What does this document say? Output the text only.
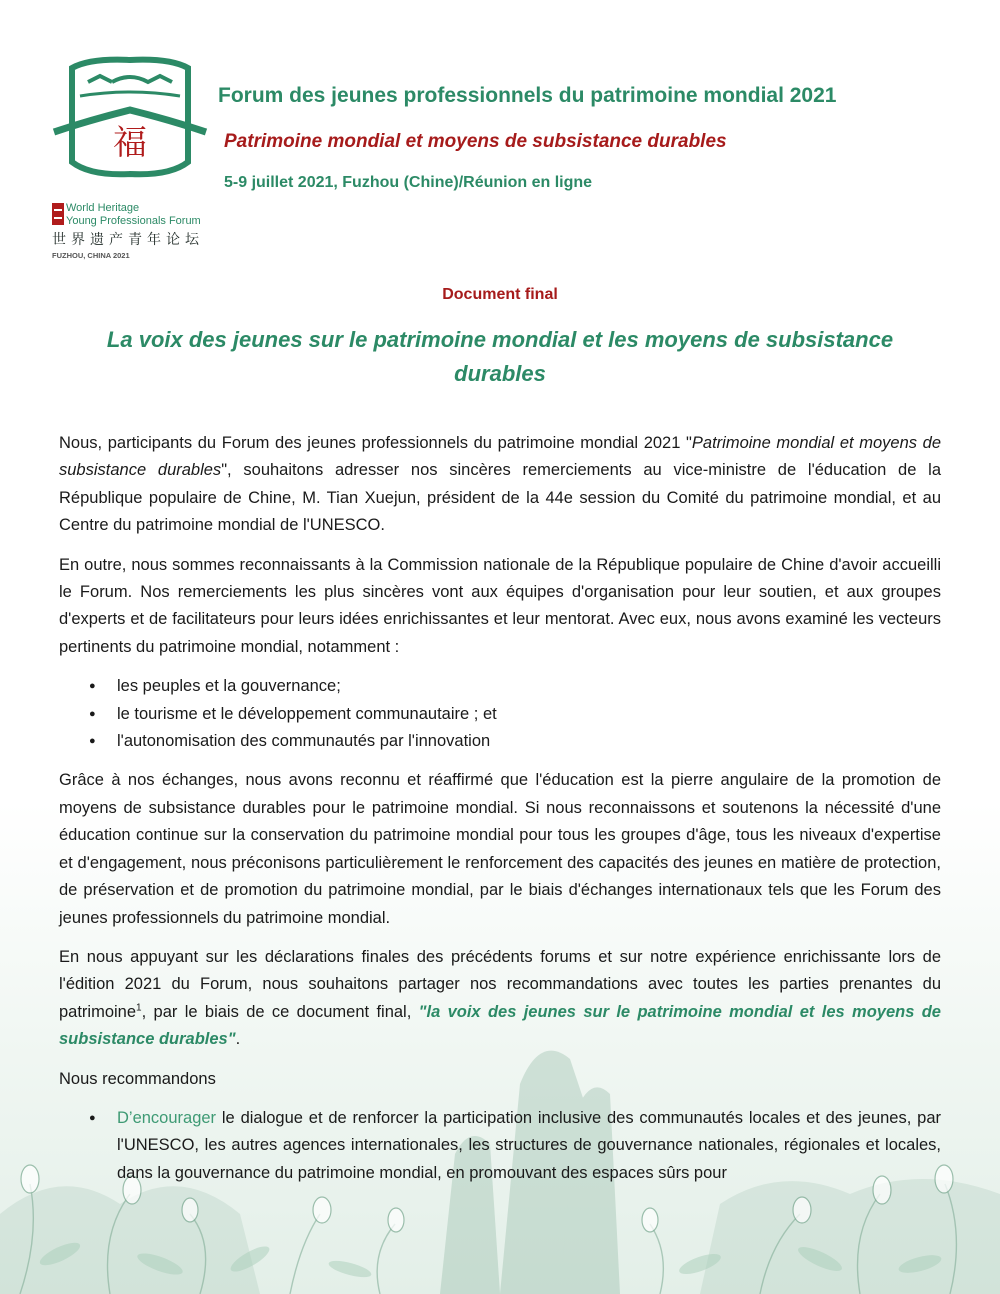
福
World Heritage
Young Professionals Forum
世界遗产青年论坛
FUZHOU, CHINA 2021
Forum des jeunes professionnels du patrimoine mondial 2021
Patrimoine mondial et moyens de subsistance durables
5-9 juillet 2021, Fuzhou (Chine)/Réunion en ligne
Document final
La voix des jeunes sur le patrimoine mondial et les moyens de subsistance durables

Nous, participants du Forum des jeunes professionnels du patrimoine mondial 2021 "Patrimoine mondial et moyens de subsistance durables", souhaitons adresser nos sincères remerciements au vice-ministre de l'éducation de la République populaire de Chine, M. Tian Xuejun, président de la 44e session du Comité du patrimoine mondial, et au Centre du patrimoine mondial de l'UNESCO.

En outre, nous sommes reconnaissants à la Commission nationale de la République populaire de Chine d'avoir accueilli le Forum. Nos remerciements les plus sincères vont aux équipes d'organisation pour leur soutien, et aux groupes d'experts et de facilitateurs pour leurs idées enrichissantes et leur mentorat. Avec eux, nous avons examiné les vecteurs pertinents du patrimoine mondial, notamment :

● les peuples et la gouvernance;
● le tourisme et le développement communautaire ; et
● l'autonomisation des communautés par l'innovation

Grâce à nos échanges, nous avons reconnu et réaffirmé que l'éducation est la pierre angulaire de la promotion de moyens de subsistance durables pour le patrimoine mondial. Si nous reconnaissons et soutenons la nécessité d'une éducation continue sur la conservation du patrimoine mondial pour tous les groupes d'âge, tous les niveaux d'expertise et d'engagement, nous préconisons particulièrement le renforcement des capacités des jeunes en matière de protection, de préservation et de promotion du patrimoine mondial, par le biais d'échanges internationaux tels que les Forum des jeunes professionnels du patrimoine mondial.

En nous appuyant sur les déclarations finales des précédents forums et sur notre expérience enrichissante lors de l'édition 2021 du Forum, nous souhaitons partager nos recommandations avec toutes les parties prenantes du patrimoine$^1$, par le biais de ce document final, "la voix des jeunes sur le patrimoine mondial et les moyens de subsistance durables".

Nous recommandons

● D’encourager le dialogue et de renforcer la participation inclusive des communautés locales et des jeunes, par l'UNESCO, les autres agences internationales, les structures de gouvernance nationales, régionales et locales, dans la gouvernance du patrimoine mondial, en promouvant des espaces sûrs pour
